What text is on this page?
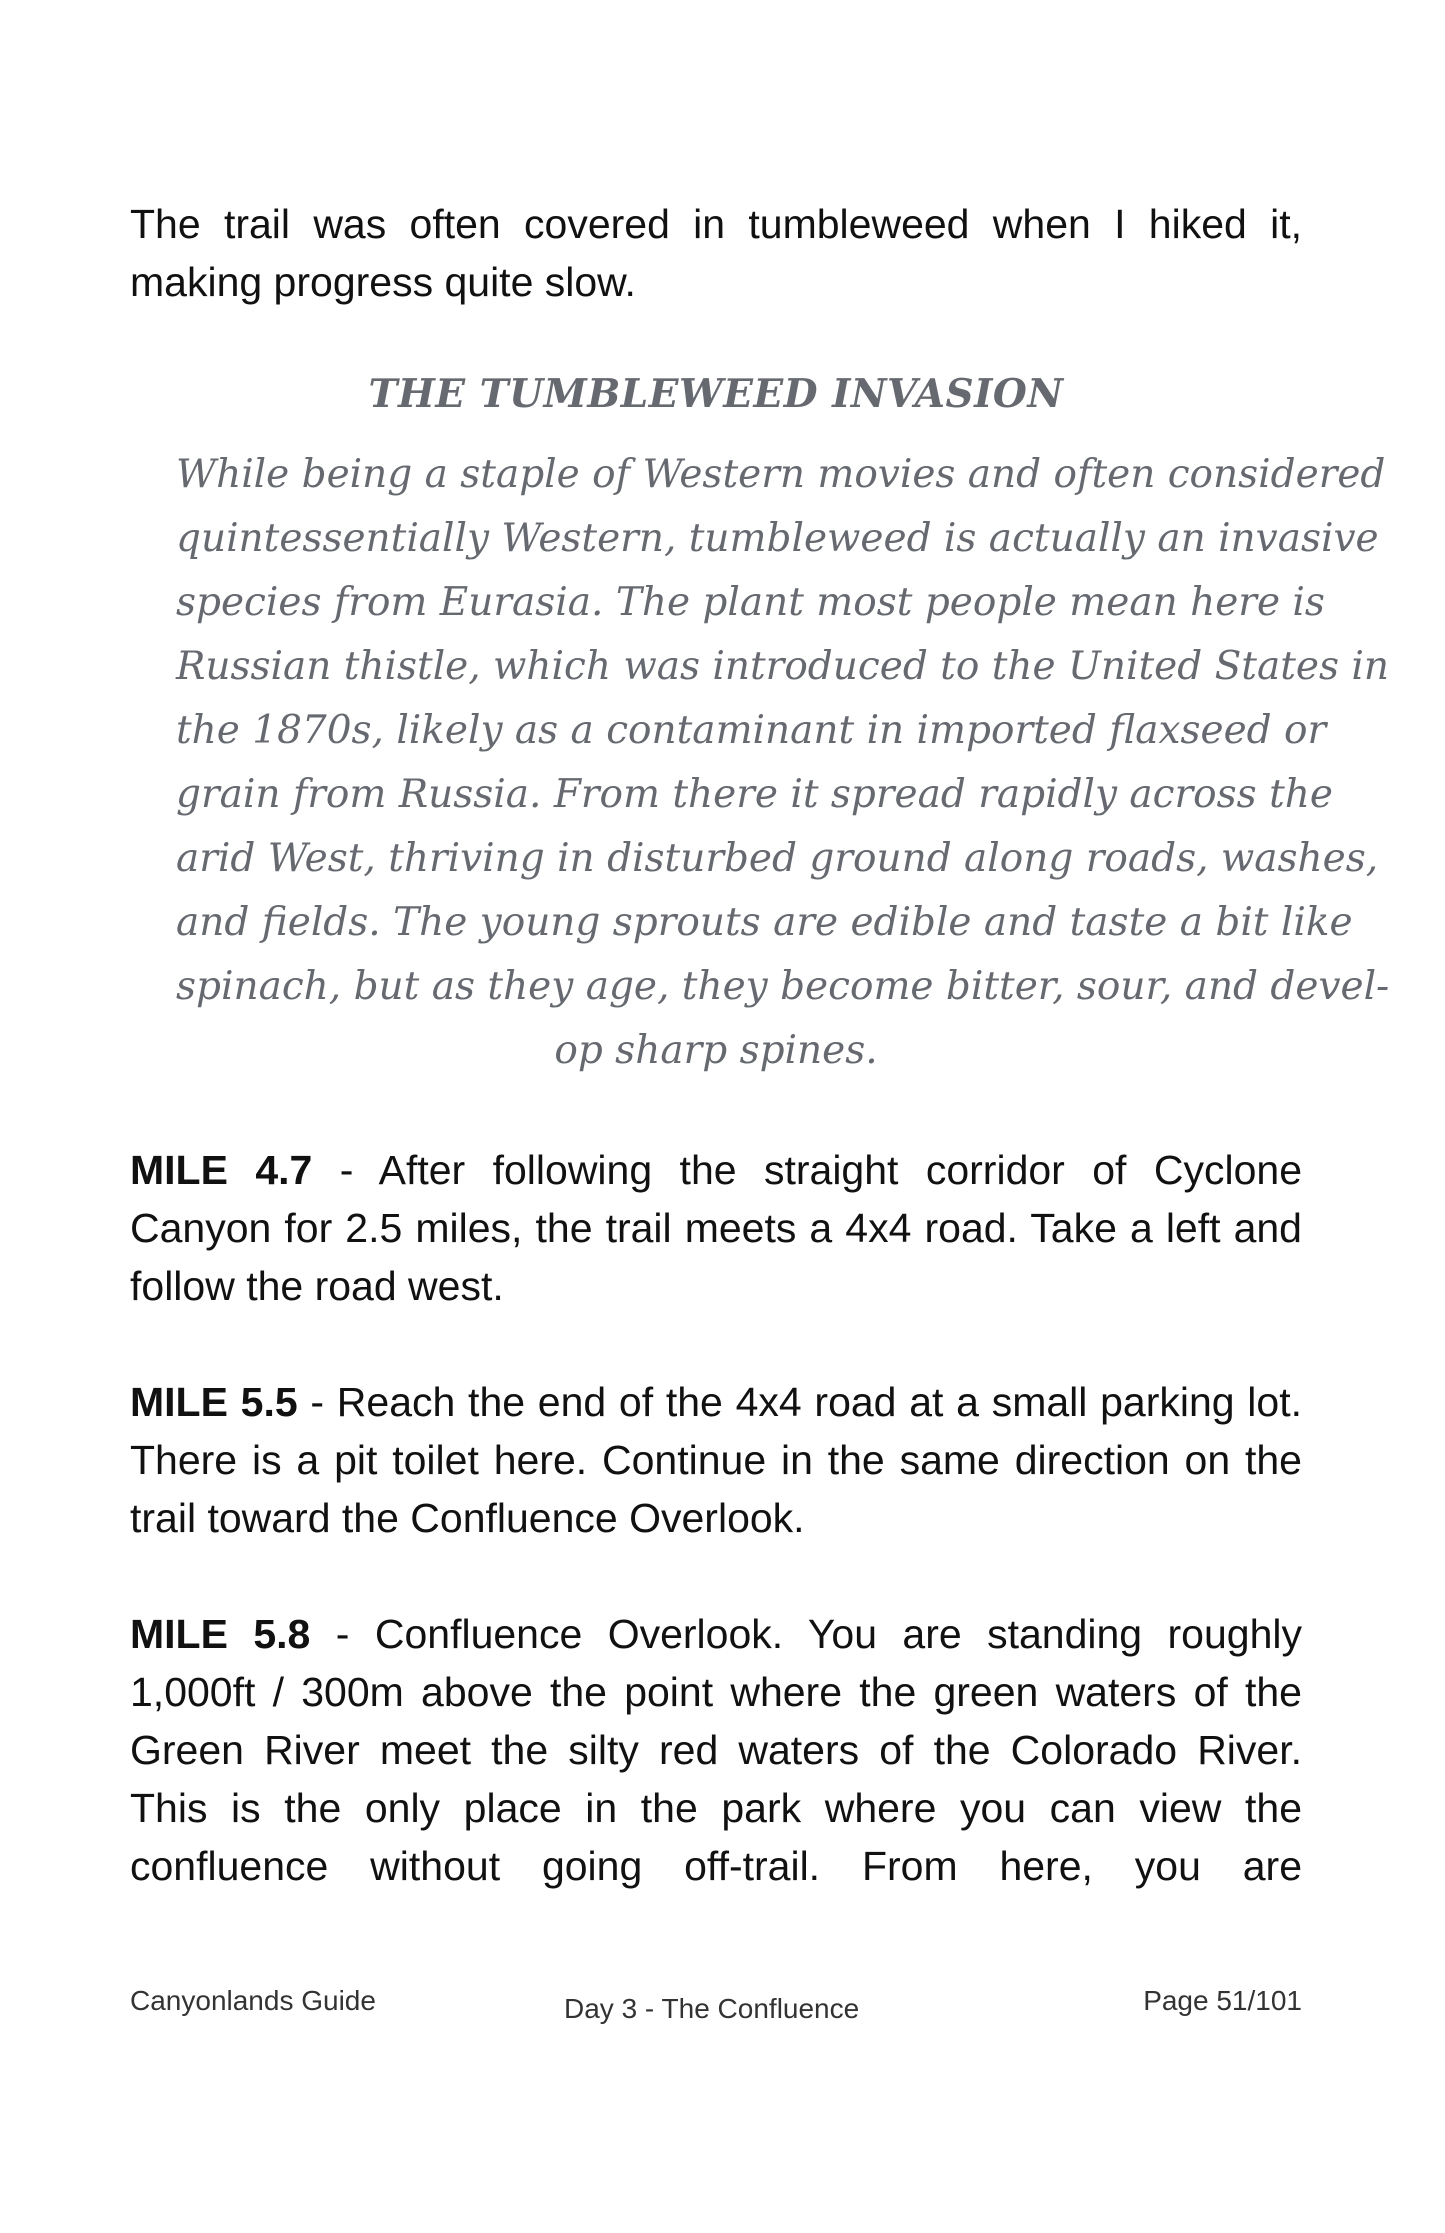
The trail was often covered in tumbleweed when I hiked it, making progress quite slow.

THE TUMBLEWEED INVASION
While being a staple of Western movies and often considered
quintessentially Western, tumbleweed is actually an invasive
species from Eurasia. The plant most people mean here is
Russian thistle, which was introduced to the United States in
the 1870s, likely as a contaminant in imported flaxseed or
grain from Russia. From there it spread rapidly across the
arid West, thriving in disturbed ground along roads, washes,
and fields. The young sprouts are edible and taste a bit like
spinach, but as they age, they become bitter, sour, and devel-
op sharp spines.

MILE 4.7 - After following the straight corridor of Cyclone Canyon for 2.5 miles, the trail meets a 4x4 road. Take a left and follow the road west.

MILE 5.5 - Reach the end of the 4x4 road at a small parking lot. There is a pit toilet here. Continue in the same direction on the trail toward the Confluence Overlook.

MILE 5.8 - Confluence Overlook. You are standing roughly 1,000ft / 300m above the point where the green waters of the Green River meet the silty red waters of the Colorado River. This is the only place in the park where you can view the confluence without going off-trail. From here, you are

Canyonlands Guide	Day 3 - The Confluence	Page 51/101
